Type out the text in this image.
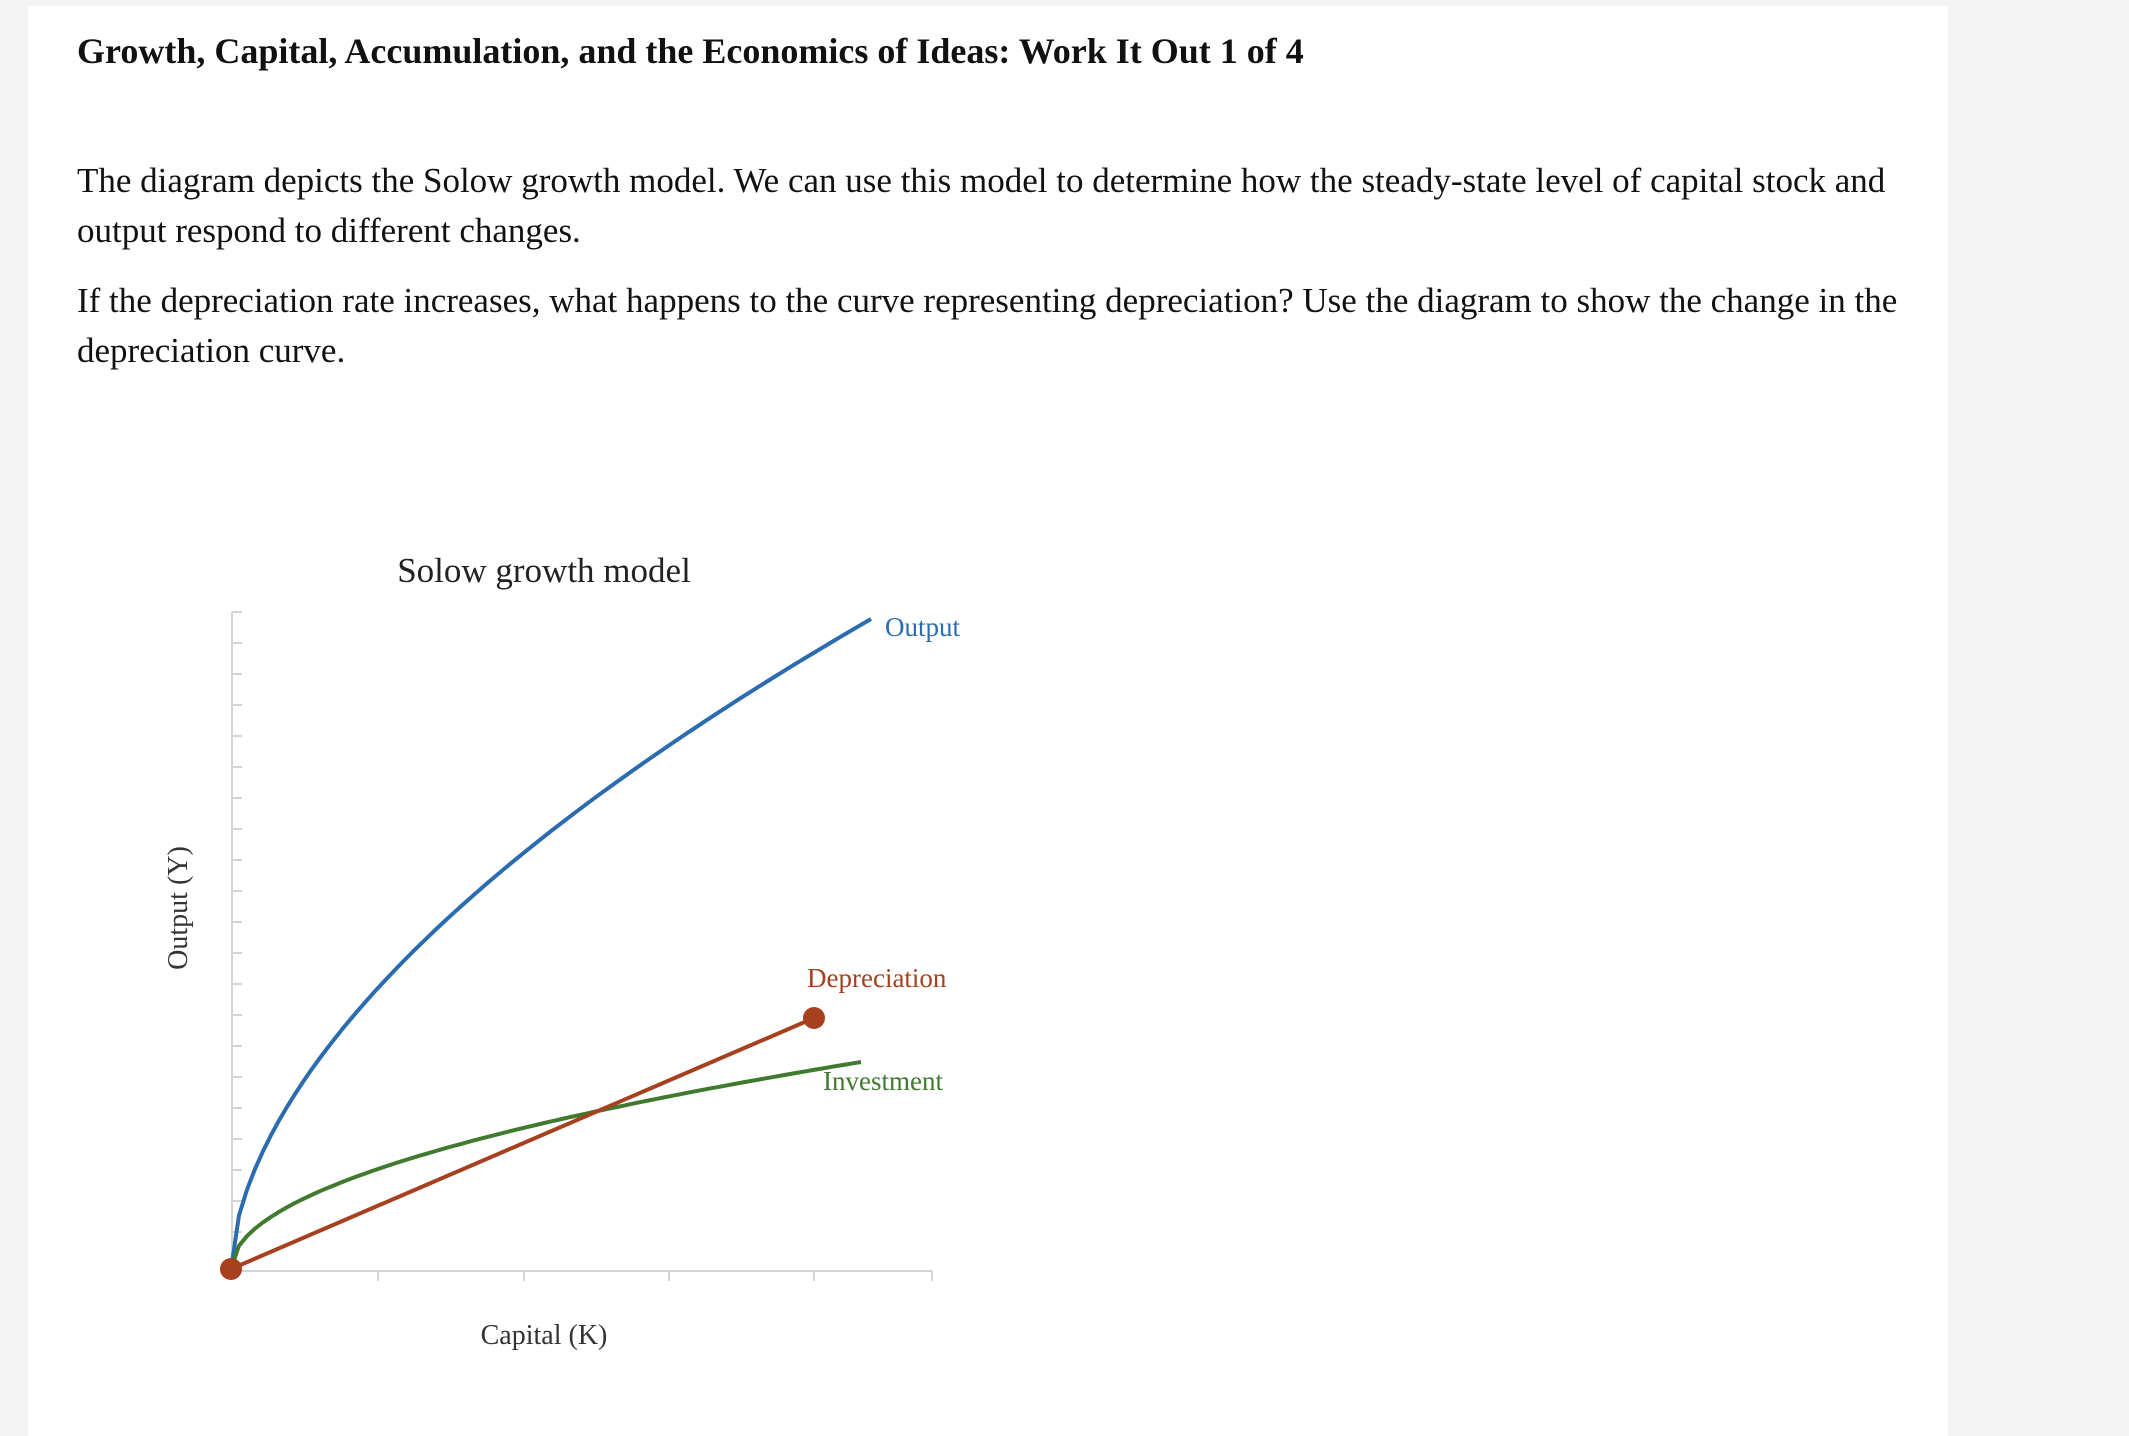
Growth, Capital, Accumulation, and the Economics of Ideas: Work It Out 1 of 4
The diagram depicts the Solow growth model. We can use this model to determine how the steady-state level of capital stock and output respond to different changes.
If the depreciation rate increases, what happens to the curve representing depreciation? Use the diagram to show the change in the depreciation curve.
Solow growth model
Capital (K)
Output (Y)
Output
Depreciation
Investment
